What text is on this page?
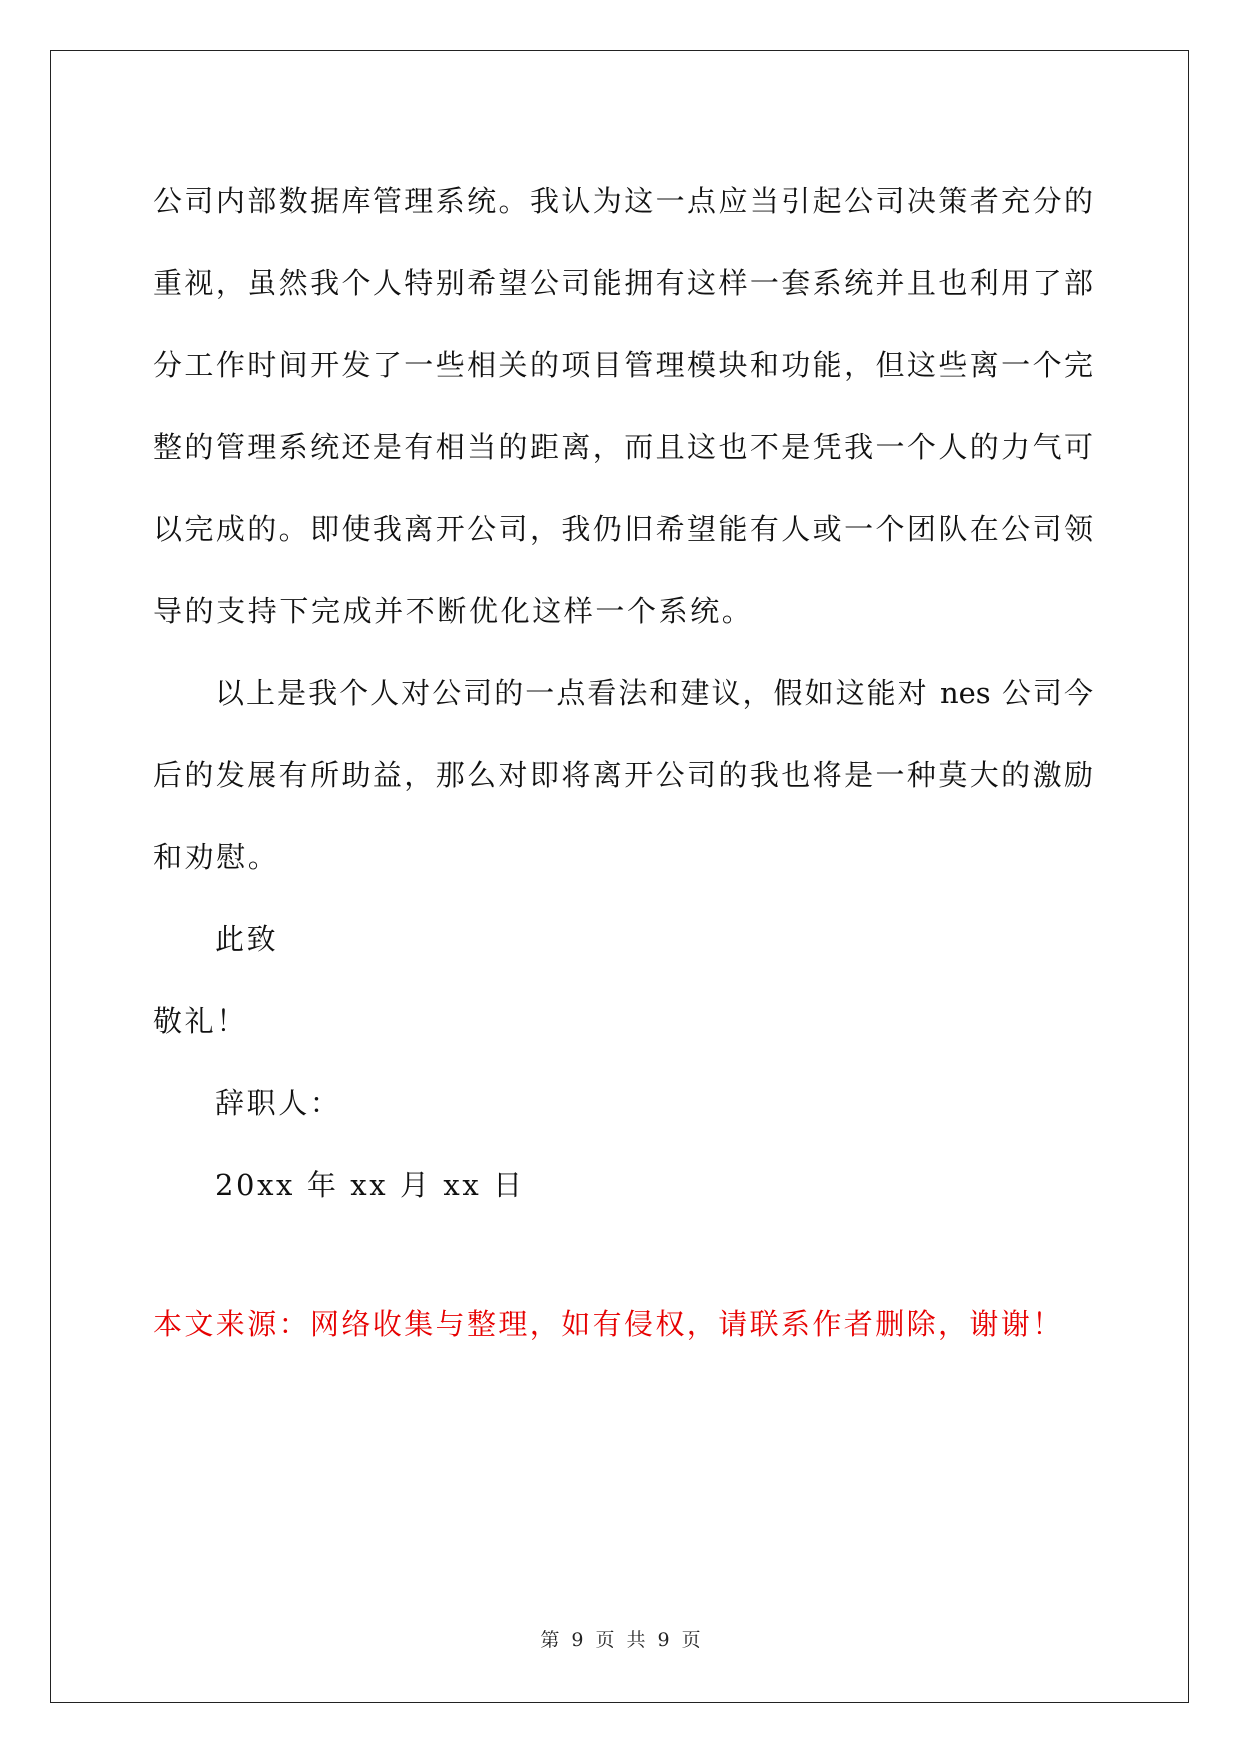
公司内部数据库管理系统。我认为这一点应当引起公司决策者充分的
重视，虽然我个人特别希望公司能拥有这样一套系统并且也利用了部
分工作时间开发了一些相关的项目管理模块和功能，但这些离一个完
整的管理系统还是有相当的距离，而且这也不是凭我一个人的力气可
以完成的。即使我离开公司，我仍旧希望能有人或一个团队在公司领
导的支持下完成并不断优化这样一个系统。
以上是我个人对公司的一点看法和建议，假如这能对 nes 公司今
后的发展有所助益，那么对即将离开公司的我也将是一种莫大的激励
和劝慰。
此致
敬礼！
辞职人：
20xx 年 xx 月 xx 日
本文来源：网络收集与整理，如有侵权，请联系作者删除，谢谢！
第 9 页 共 9 页
